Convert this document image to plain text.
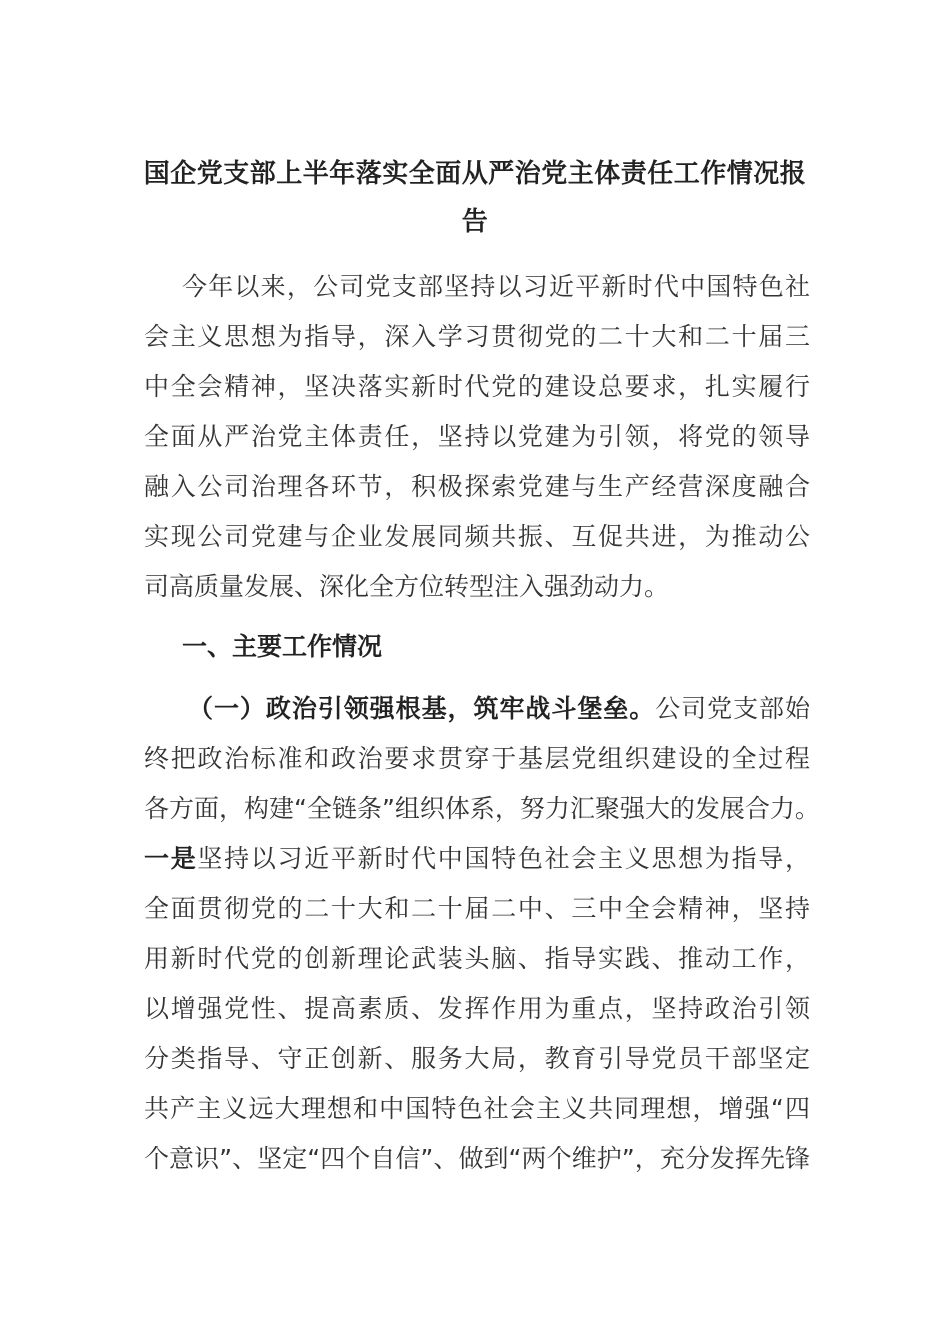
国企党支部上半年落实全面从严治党主体责任工作情况报
告
今年以来，公司党支部坚持以习近平新时代中国特色社
会主义思想为指导，深入学习贯彻党的二十大和二十届三
中全会精神，坚决落实新时代党的建设总要求，扎实履行
全面从严治党主体责任，坚持以党建为引领，将党的领导
融入公司治理各环节，积极探索党建与生产经营深度融合
实现公司党建与企业发展同频共振、互促共进，为推动公
司高质量发展、深化全方位转型注入强劲动力。
一、主要工作情况
（一）政治引领强根基，筑牢战斗堡垒。公司党支部始
终把政治标准和政治要求贯穿于基层党组织建设的全过程
各方面，构建“全链条”组织体系，努力汇聚强大的发展合力。
一是坚持以习近平新时代中国特色社会主义思想为指导，
全面贯彻党的二十大和二十届二中、三中全会精神，坚持
用新时代党的创新理论武装头脑、指导实践、推动工作，
以增强党性、提高素质、发挥作用为重点，坚持政治引领
分类指导、守正创新、服务大局，教育引导党员干部坚定
共产主义远大理想和中国特色社会主义共同理想，增强“四
个意识”、坚定“四个自信”、做到“两个维护”，充分发挥先锋
